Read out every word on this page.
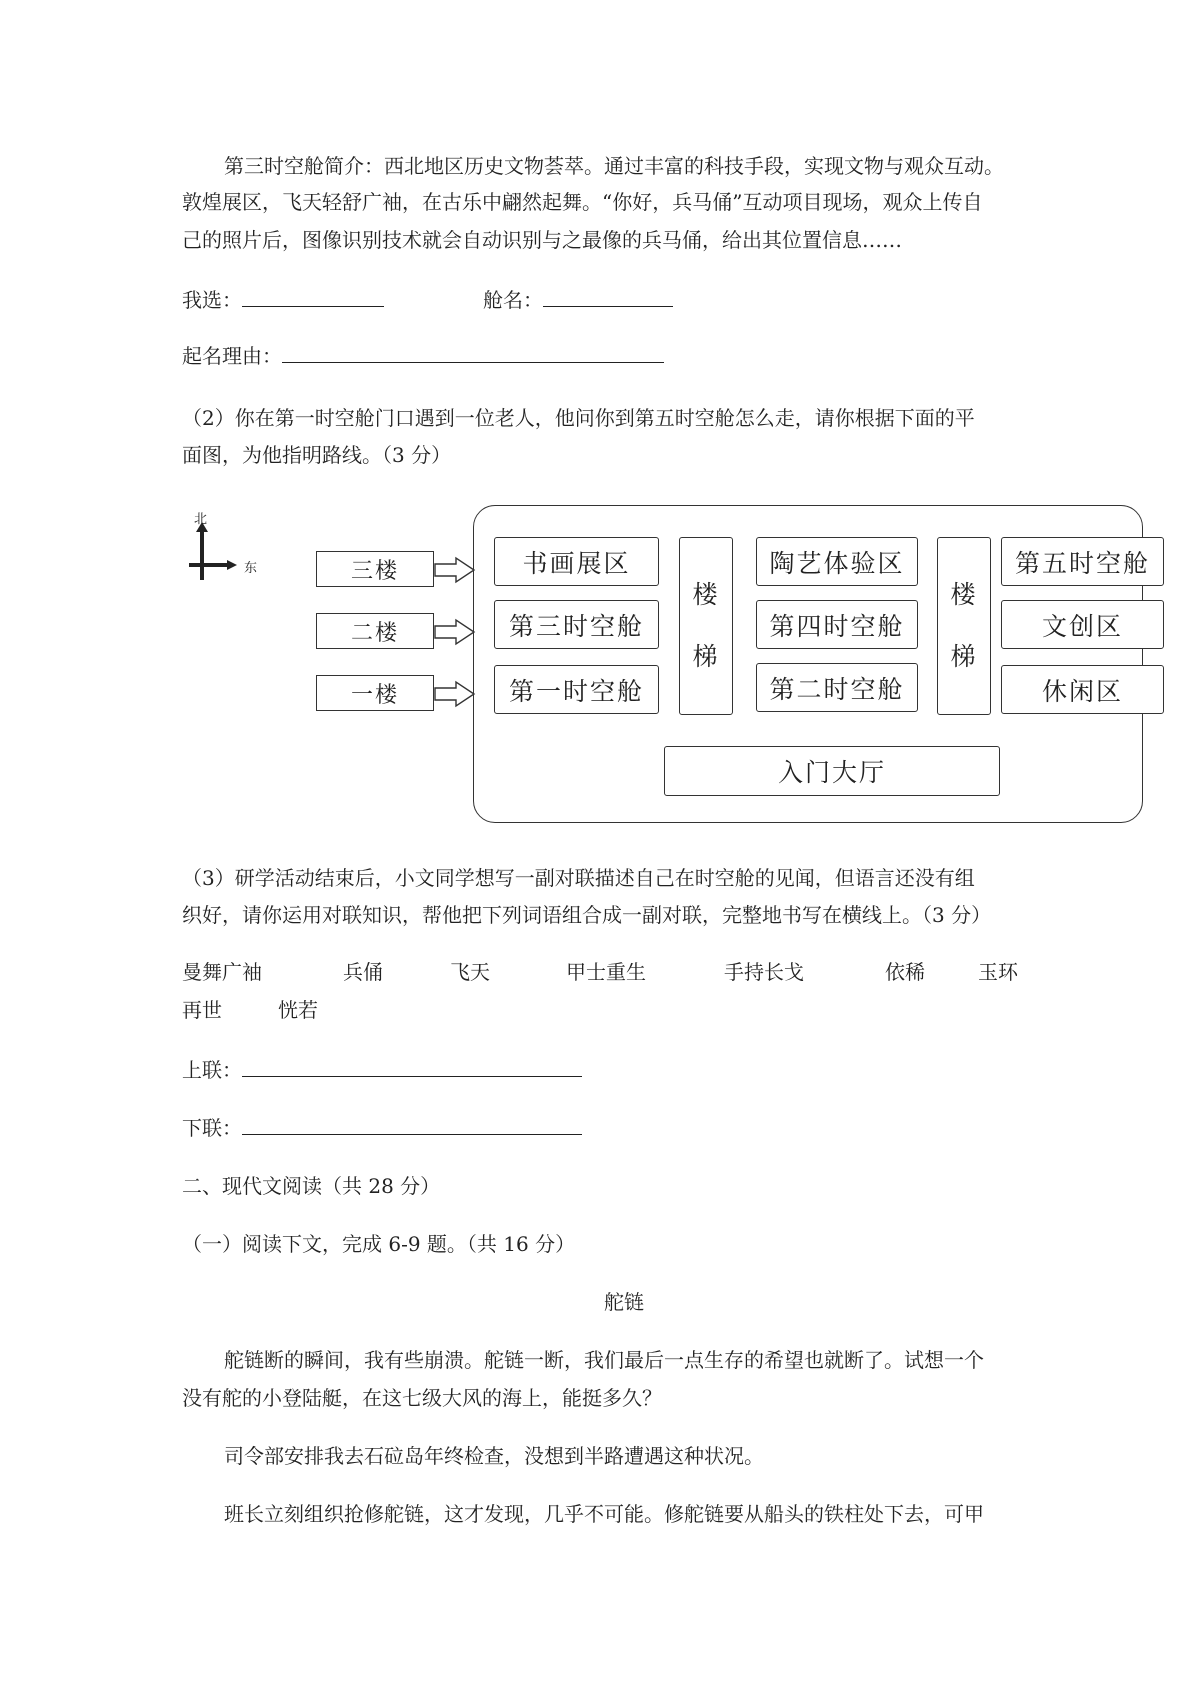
第三时空舱简介：西北地区历史文物荟萃。通过丰富的科技手段，实现文物与观众互动。
敦煌展区，飞天轻舒广袖，在古乐中翩然起舞。“你好，兵马俑”互动项目现场，观众上传自
己的照片后，图像识别技术就会自动识别与之最像的兵马俑，给出其位置信息……
我选：	舱名：
起名理由：
（2）你在第一时空舱门口遇到一位老人，他问你到第五时空舱怎么走，请你根据下面的平
面图，为他指明路线。（3 分）
北
东	三楼
二楼
一楼
书画展区
第三时空舱
第一时空舱
楼
梯
陶艺体验区
第四时空舱
第二时空舱
楼
梯
第五时空舱
文创区
休闲区
入门大厅
（3）研学活动结束后，小文同学想写一副对联描述自己在时空舱的见闻，但语言还没有组
织好，请你运用对联知识，帮他把下列词语组合成一副对联，完整地书写在横线上。（3 分）
曼舞广袖	兵俑	飞天	甲士重生	手持长戈	依稀	玉环
再世	恍若
上联：
下联：
二、现代文阅读（共 28 分）
（一）阅读下文，完成 6-9 题。（共 16 分）
舵链
舵链断的瞬间，我有些崩溃。舵链一断，我们最后一点生存的希望也就断了。试想一个
没有舵的小登陆艇，在这七级大风的海上，能挺多久？
司令部安排我去石砬岛年终检查，没想到半路遭遇这种状况。
班长立刻组织抢修舵链，这才发现，几乎不可能。修舵链要从船头的铁柱处下去，可甲
